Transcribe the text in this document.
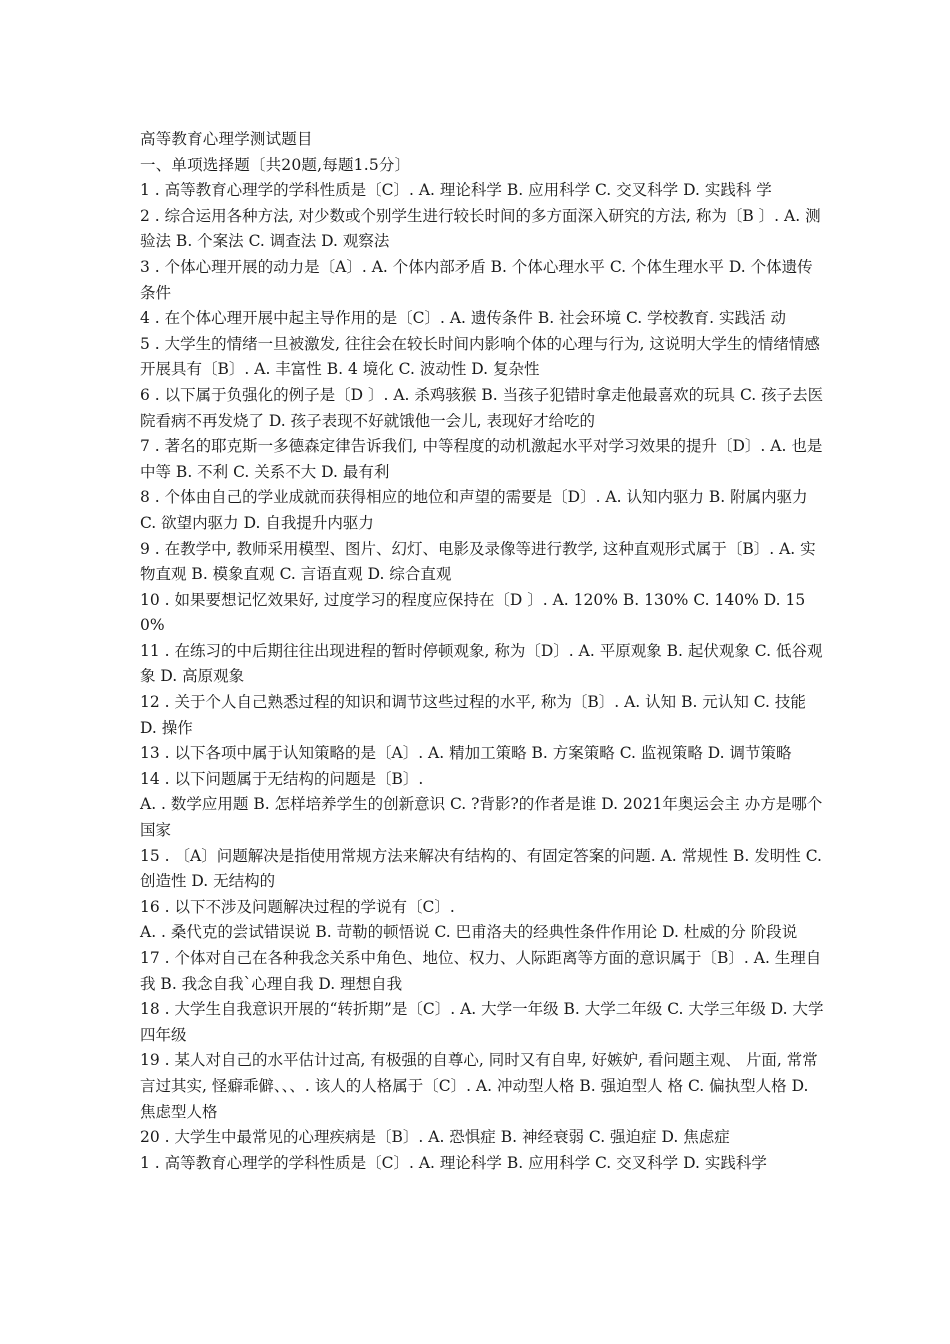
高等教育心理学测试题目

一、单项选择题〔共20题,每题1.5分〕

1 . 高等教育心理学的学科性质是〔C〕. A. 理论科学 B. 应用科学 C. 交叉科学 D. 实践科 学

2 . 综合运用各种方法, 对少数或个别学生进行较长时间的多方面深入研究的方法, 称为〔B 〕. A. 测验法 B. 个案法 C. 调查法 D. 观察法

3 . 个体心理开展的动力是〔A〕. A. 个体内部矛盾 B. 个体心理水平 C. 个体生理水平 D. 个体遗传条件

4 . 在个体心理开展中起主导作用的是〔C〕. A. 遗传条件 B. 社会环境 C. 学校教育. 实践活 动

5 . 大学生的情绪一旦被激发, 往往会在较长时间内影响个体的心理与行为, 这说明大学生的情绪情感开展具有〔B〕. A. 丰富性 B. 4 境化 C. 波动性 D. 复杂性

6 . 以下属于负强化的例子是〔D 〕. A. 杀鸡骇猴 B. 当孩子犯错时拿走他最喜欢的玩具 C. 孩子去医院看病不再发烧了 D. 孩子表现不好就饿他一会儿, 表现好才给吃的

7 . 著名的耶克斯一多德森定律告诉我们, 中等程度的动机激起水平对学习效果的提升〔D〕. A. 也是中等 B. 不利 C. 关系不大 D. 最有利

8 . 个体由自己的学业成就而获得相应的地位和声望的需要是〔D〕. A. 认知内驱力 B. 附属内驱力 C. 欲望内驱力 D. 自我提升内驱力

9 . 在教学中, 教师采用模型、图片、幻灯、电影及录像等进行教学, 这种直观形式属于〔B〕. A. 实物直观 B. 模象直观 C. 言语直观 D. 综合直观

10 . 如果要想记忆效果好, 过度学习的程度应保持在〔D 〕. A. 120% B. 130% C. 140% D. 150%

11 . 在练习的中后期往往出现进程的暂时停顿观象, 称为〔D〕. A. 平原观象 B. 起伏观象 C. 低谷观象 D. 高原观象

12 . 关于个人自己熟悉过程的知识和调节这些过程的水平, 称为〔B〕. A. 认知 B. 元认知 C. 技能 D. 操作

13 . 以下各项中属于认知策略的是〔A〕. A. 精加工策略 B. 方案策略 C. 监视策略 D. 调节策略

14 . 以下问题属于无结构的问题是〔B〕.

A. . 数学应用题 B. 怎样培养学生的创新意识 C. ?背影?的作者是谁 D. 2021年奥运会主 办方是哪个国家

15 . 〔A〕问题解决是指使用常规方法来解决有结构的、有固定答案的问题. A. 常规性 B. 发明性 C. 创造性 D. 无结构的

16 . 以下不涉及问题解决过程的学说有〔C〕.

A. . 桑代克的尝试错误说 B. 苛勒的顿悟说 C. 巴甫洛夫的经典性条件作用论 D. 杜威的分 阶段说

17 . 个体对自己在各种我念关系中角色、地位、权力、人际距离等方面的意识属于〔B〕. A. 生理自我 B. 我念自我`心理自我 D. 理想自我

18 . 大学生自我意识开展的“转折期”是〔C〕. A. 大学一年级 B. 大学二年级 C. 大学三年级 D. 大学四年级

19 . 某人对自己的水平估计过高, 有极强的自尊心, 同时又有自卑, 好嫉妒, 看问题主观、 片面, 常常言过其实, 怪癖乖僻、、、. 该人的人格属于〔C〕. A. 冲动型人格 B. 强迫型人 格 C. 偏执型人格 D. 焦虑型人格

20 . 大学生中最常见的心理疾病是〔B〕. A. 恐惧症 B. 神经衰弱 C. 强迫症 D. 焦虑症

1 . 高等教育心理学的学科性质是〔C〕. A. 理论科学 B. 应用科学 C. 交叉科学 D. 实践科学
